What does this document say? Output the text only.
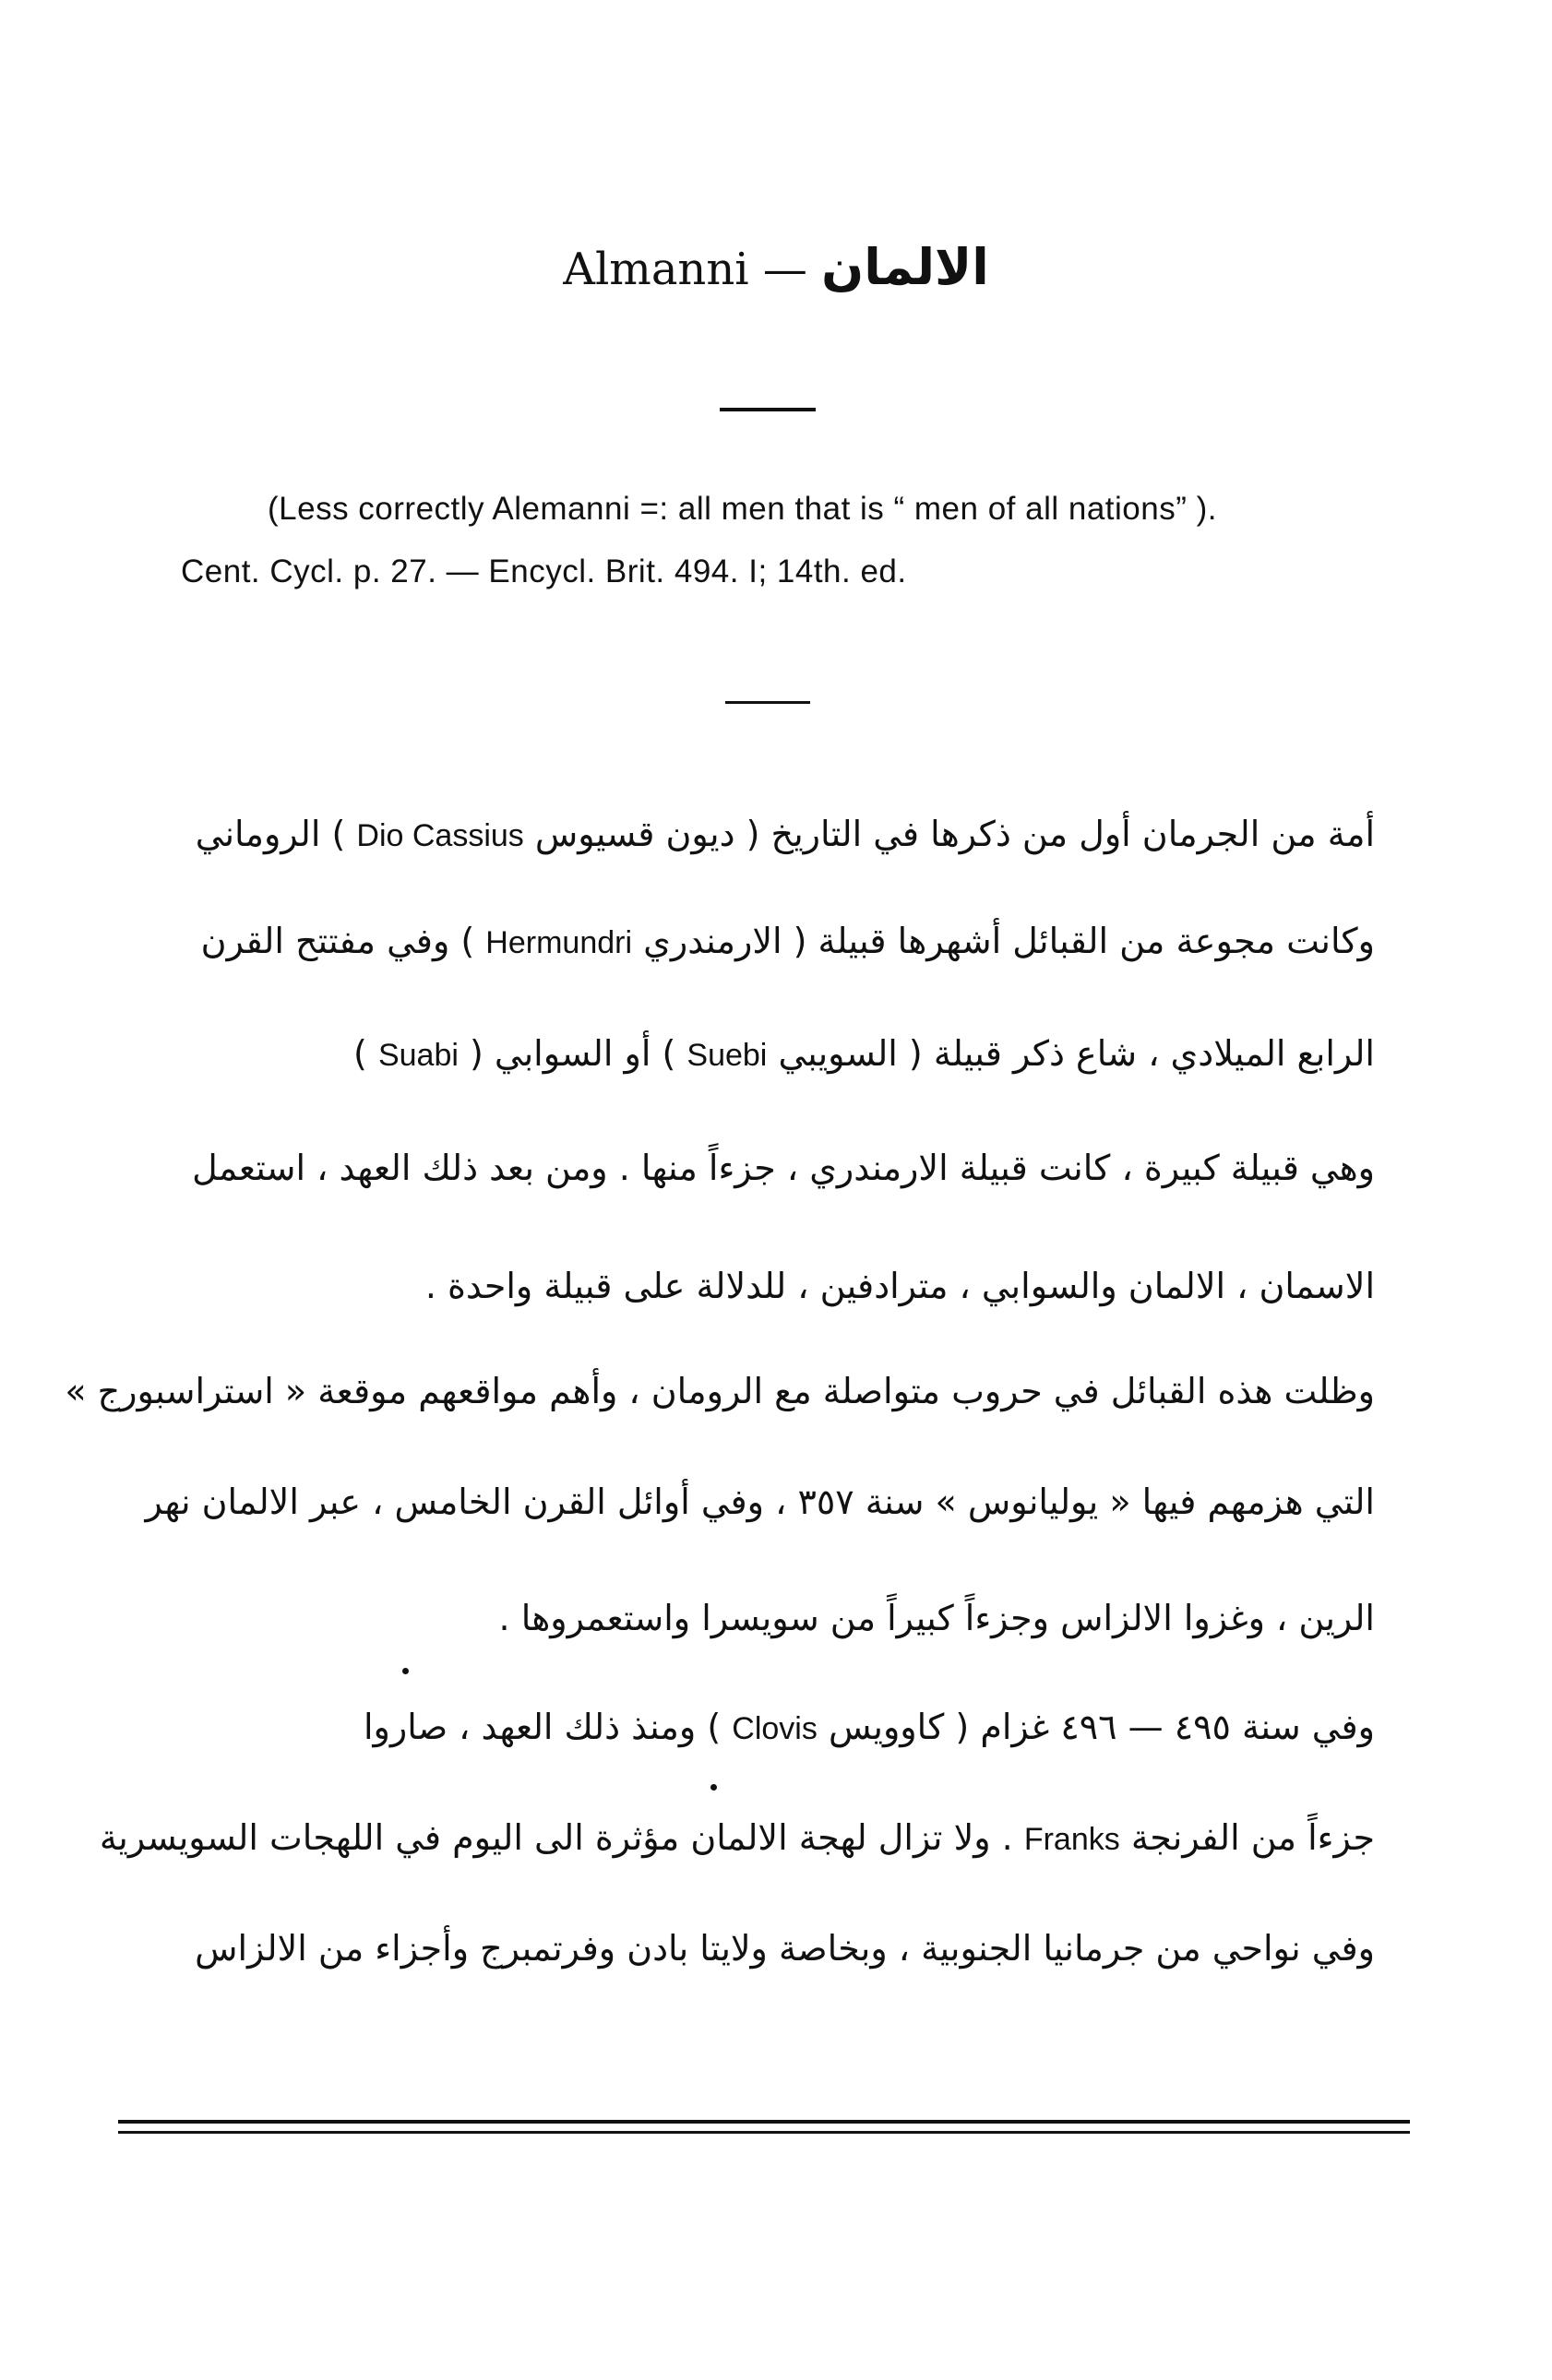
Almanni — الالمان
(Less correctly Alemanni =: all men that is “ men of all nations” ).
Cent. Cycl. p. 27. — Encycl. Brit. 494. I; 14th. ed.
أمة من الجرمان أول من ذكرها في التاريخ ( ديون قسيوس Dio Cassius ) الروماني
وكانت مجوعة من القبائل أشهرها قبيلة ( الارمندري Hermundri ) وفي مفتتح القرن
الرابع الميلادي ، شاع ذكر قبيلة ( السويبي Suebi ) أو السوابي ( Suabi )
وهي قبيلة كبيرة ، كانت قبيلة الارمندري ، جزءاً منها . ومن بعد ذلك العهد ، استعمل
الاسمان ، الالمان والسوابي ، مترادفين ، للدلالة على قبيلة واحدة .
وظلت هذه القبائل في حروب متواصلة مع الرومان ، وأهم مواقعهم موقعة « استراسبورج »
التي هزمهم فيها « يوليانوس » سنة ٣٥٧ ، وفي أوائل القرن الخامس ، عبر الالمان نهر
الرين ، وغزوا الالزاس وجزءاً كبيراً من سويسرا واستعمروها .
وفي سنة ٤٩٥ — ٤٩٦ غزام ( كاوويس Clovis ) ومنذ ذلك العهد ، صاروا
جزءاً من الفرنجة Franks . ولا تزال لهجة الالمان مؤثرة الى اليوم في اللهجات السويسرية
وفي نواحي من جرمانيا الجنوبية ، وبخاصة ولايتا بادن وفرتمبرج وأجزاء من الالزاس
